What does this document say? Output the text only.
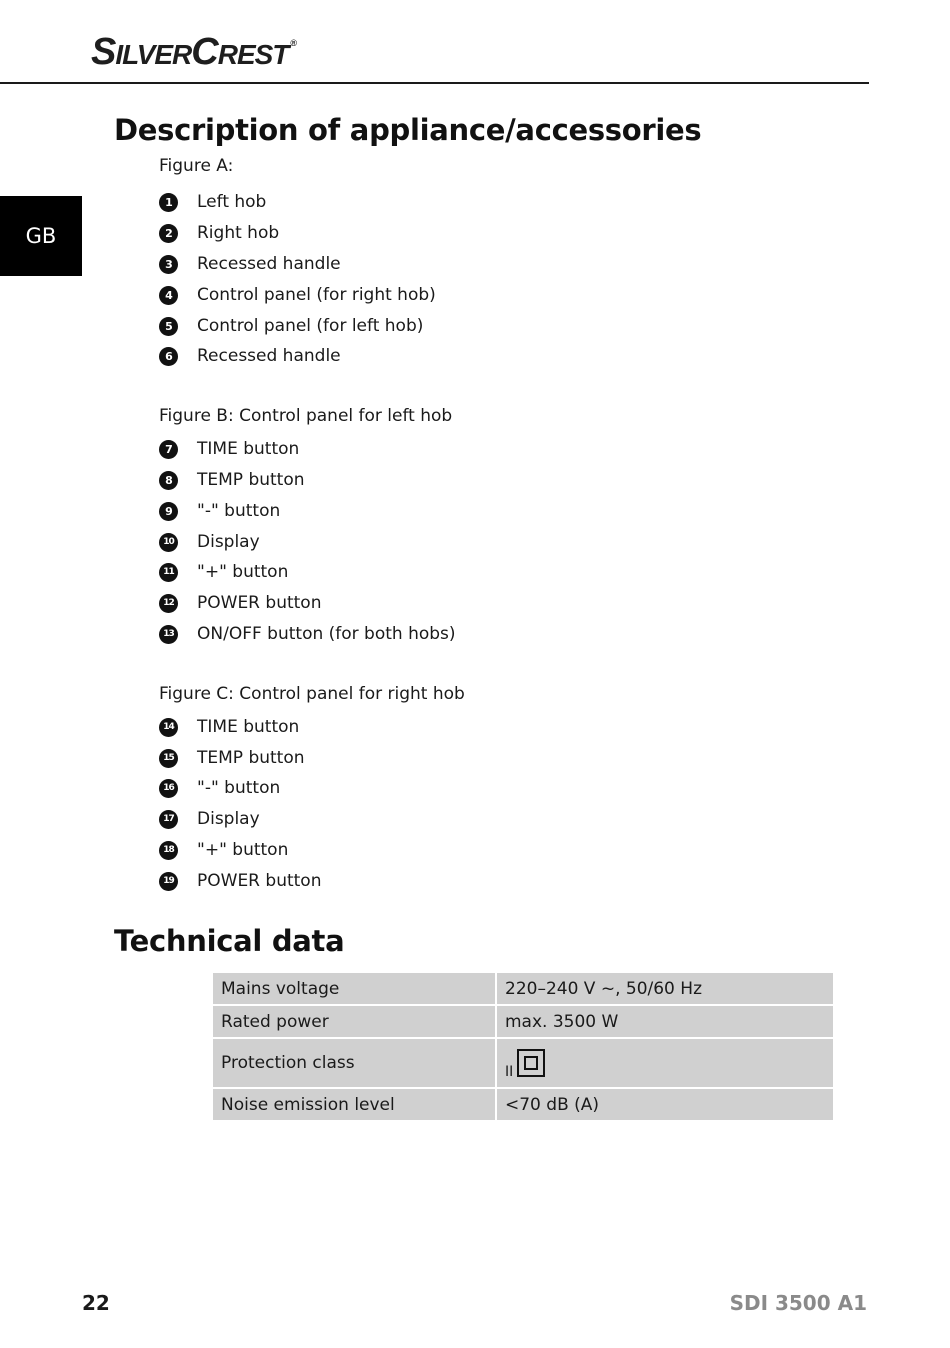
SILVERCREST ®
GB
Description of appliance/accessories
Figure A:
1	Left hob
2	Right hob
3	Recessed handle
4	Control panel (for right hob)
5	Control panel (for left hob)
6	Recessed handle
Figure B: Control panel for left hob
7	TIME button
8	TEMP button
9	"-" button
10 Display
11 "+" button
12 POWER button
13 ON/OFF button (for both hobs)
Figure C: Control panel for right hob
14 TIME button
15 TEMP button
16 "-" button
17 Display
18 "+" button
19 POWER button
Technical data
Mains voltage	220–240 V ~, 50/60 Hz
Rated power	max. 3500 W
Protection class	II

Noise emission level	<70 dB (A)
22	SDI 3500 A1
